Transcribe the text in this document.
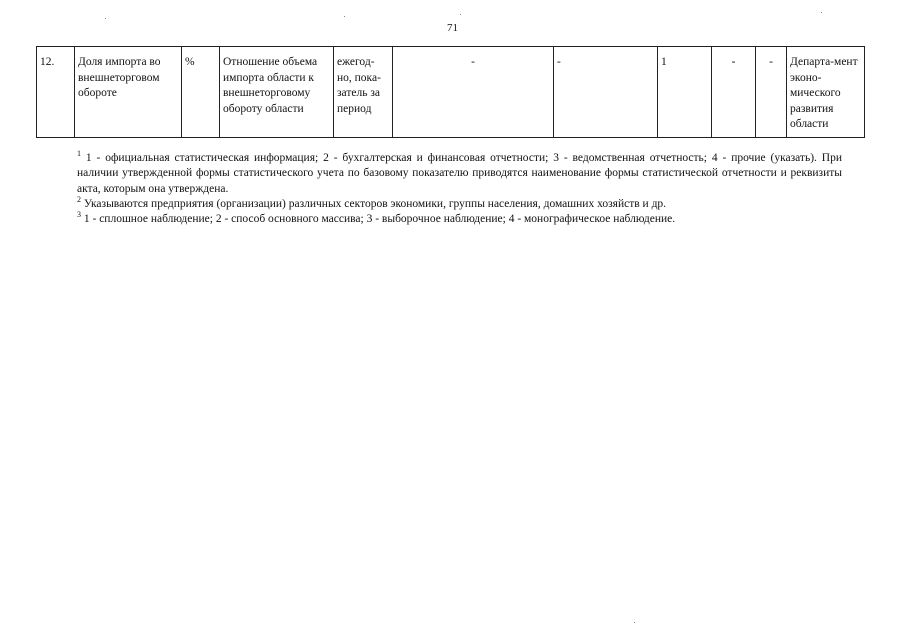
71
12.	Доля импорта во внешнеторговом обороте	%	Отношение объема импорта области к внешнеторговому обороту области	ежегод-но, пока-затель за период	-	-	1	-	-	Департа-мент эконо-мического развития области

$^1$ 1 - официальная статистическая информация; 2 - бухгалтерская и финансовая отчетности; 3 - ведомственная отчетность; 4 - прочие (указать). При наличии утвержденной формы статистического учета по базовому показателю приводятся наименование формы статистической отчетности и реквизиты акта, которым она утверждена.

$^2$ Указываются предприятия (организации) различных секторов экономики, группы населения, домашних хозяйств и др.

$^3$ 1 - сплошное наблюдение; 2 - способ основного массива; 3 - выборочное наблюдение; 4 - монографическое наблюдение.
